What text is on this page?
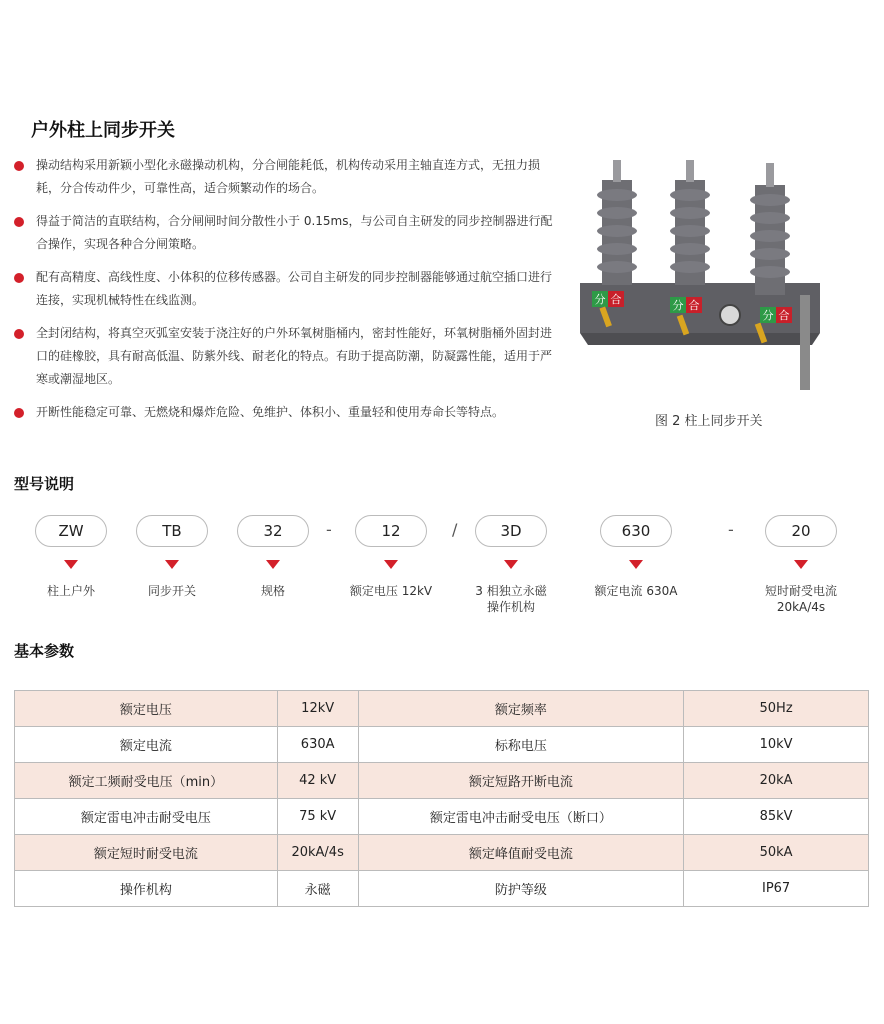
户外柱上同步开关
操动结构采用新颖小型化永磁操动机构，分合闸能耗低，机构传动采用主轴直连方式，无扭力损耗，分合传动件少，可靠性高，适合频繁动作的场合。
得益于简洁的直联结构，合分闸闸时间分散性小于 0.15ms，与公司自主研发的同步控制器进行配合操作，实现各种合分闸策略。
配有高精度、高线性度、小体积的位移传感器。公司自主研发的同步控制器能够通过航空插口进行连接，实现机械特性在线监测。
全封闭结构，将真空灭弧室安装于浇注好的户外环氧树脂桶内，密封性能好，环氧树脂桶外固封进口的硅橡胶，具有耐高低温、防紫外线、耐老化的特点。有助于提高防潮，防凝露性能，适用于严寒或潮湿地区。
开断性能稳定可靠、无燃烧和爆炸危险、免维护、体积小、重量轻和使用寿命长等特点。
分 合	分 合
分 合
图 2 柱上同步开关
型号说明
ZW	TB	32	-	12	/	3D	630	-	20
柱上户外	同步开关	规格	额定电压 12kV	3 相独立永磁
操作机构
额定电流 630A	短时耐受电流
20kA/4s
基本参数
额定电压	12kV	额定频率	50Hz
额定电流	630A	标称电压	10kV
额定工频耐受电压（min）	42 kV	额定短路开断电流	20kA
额定雷电冲击耐受电压	75 kV	额定雷电冲击耐受电压（断口）	85kV
额定短时耐受电流	20kA/4s	额定峰值耐受电流	50kA
操作机构	永磁	防护等级	IP67
